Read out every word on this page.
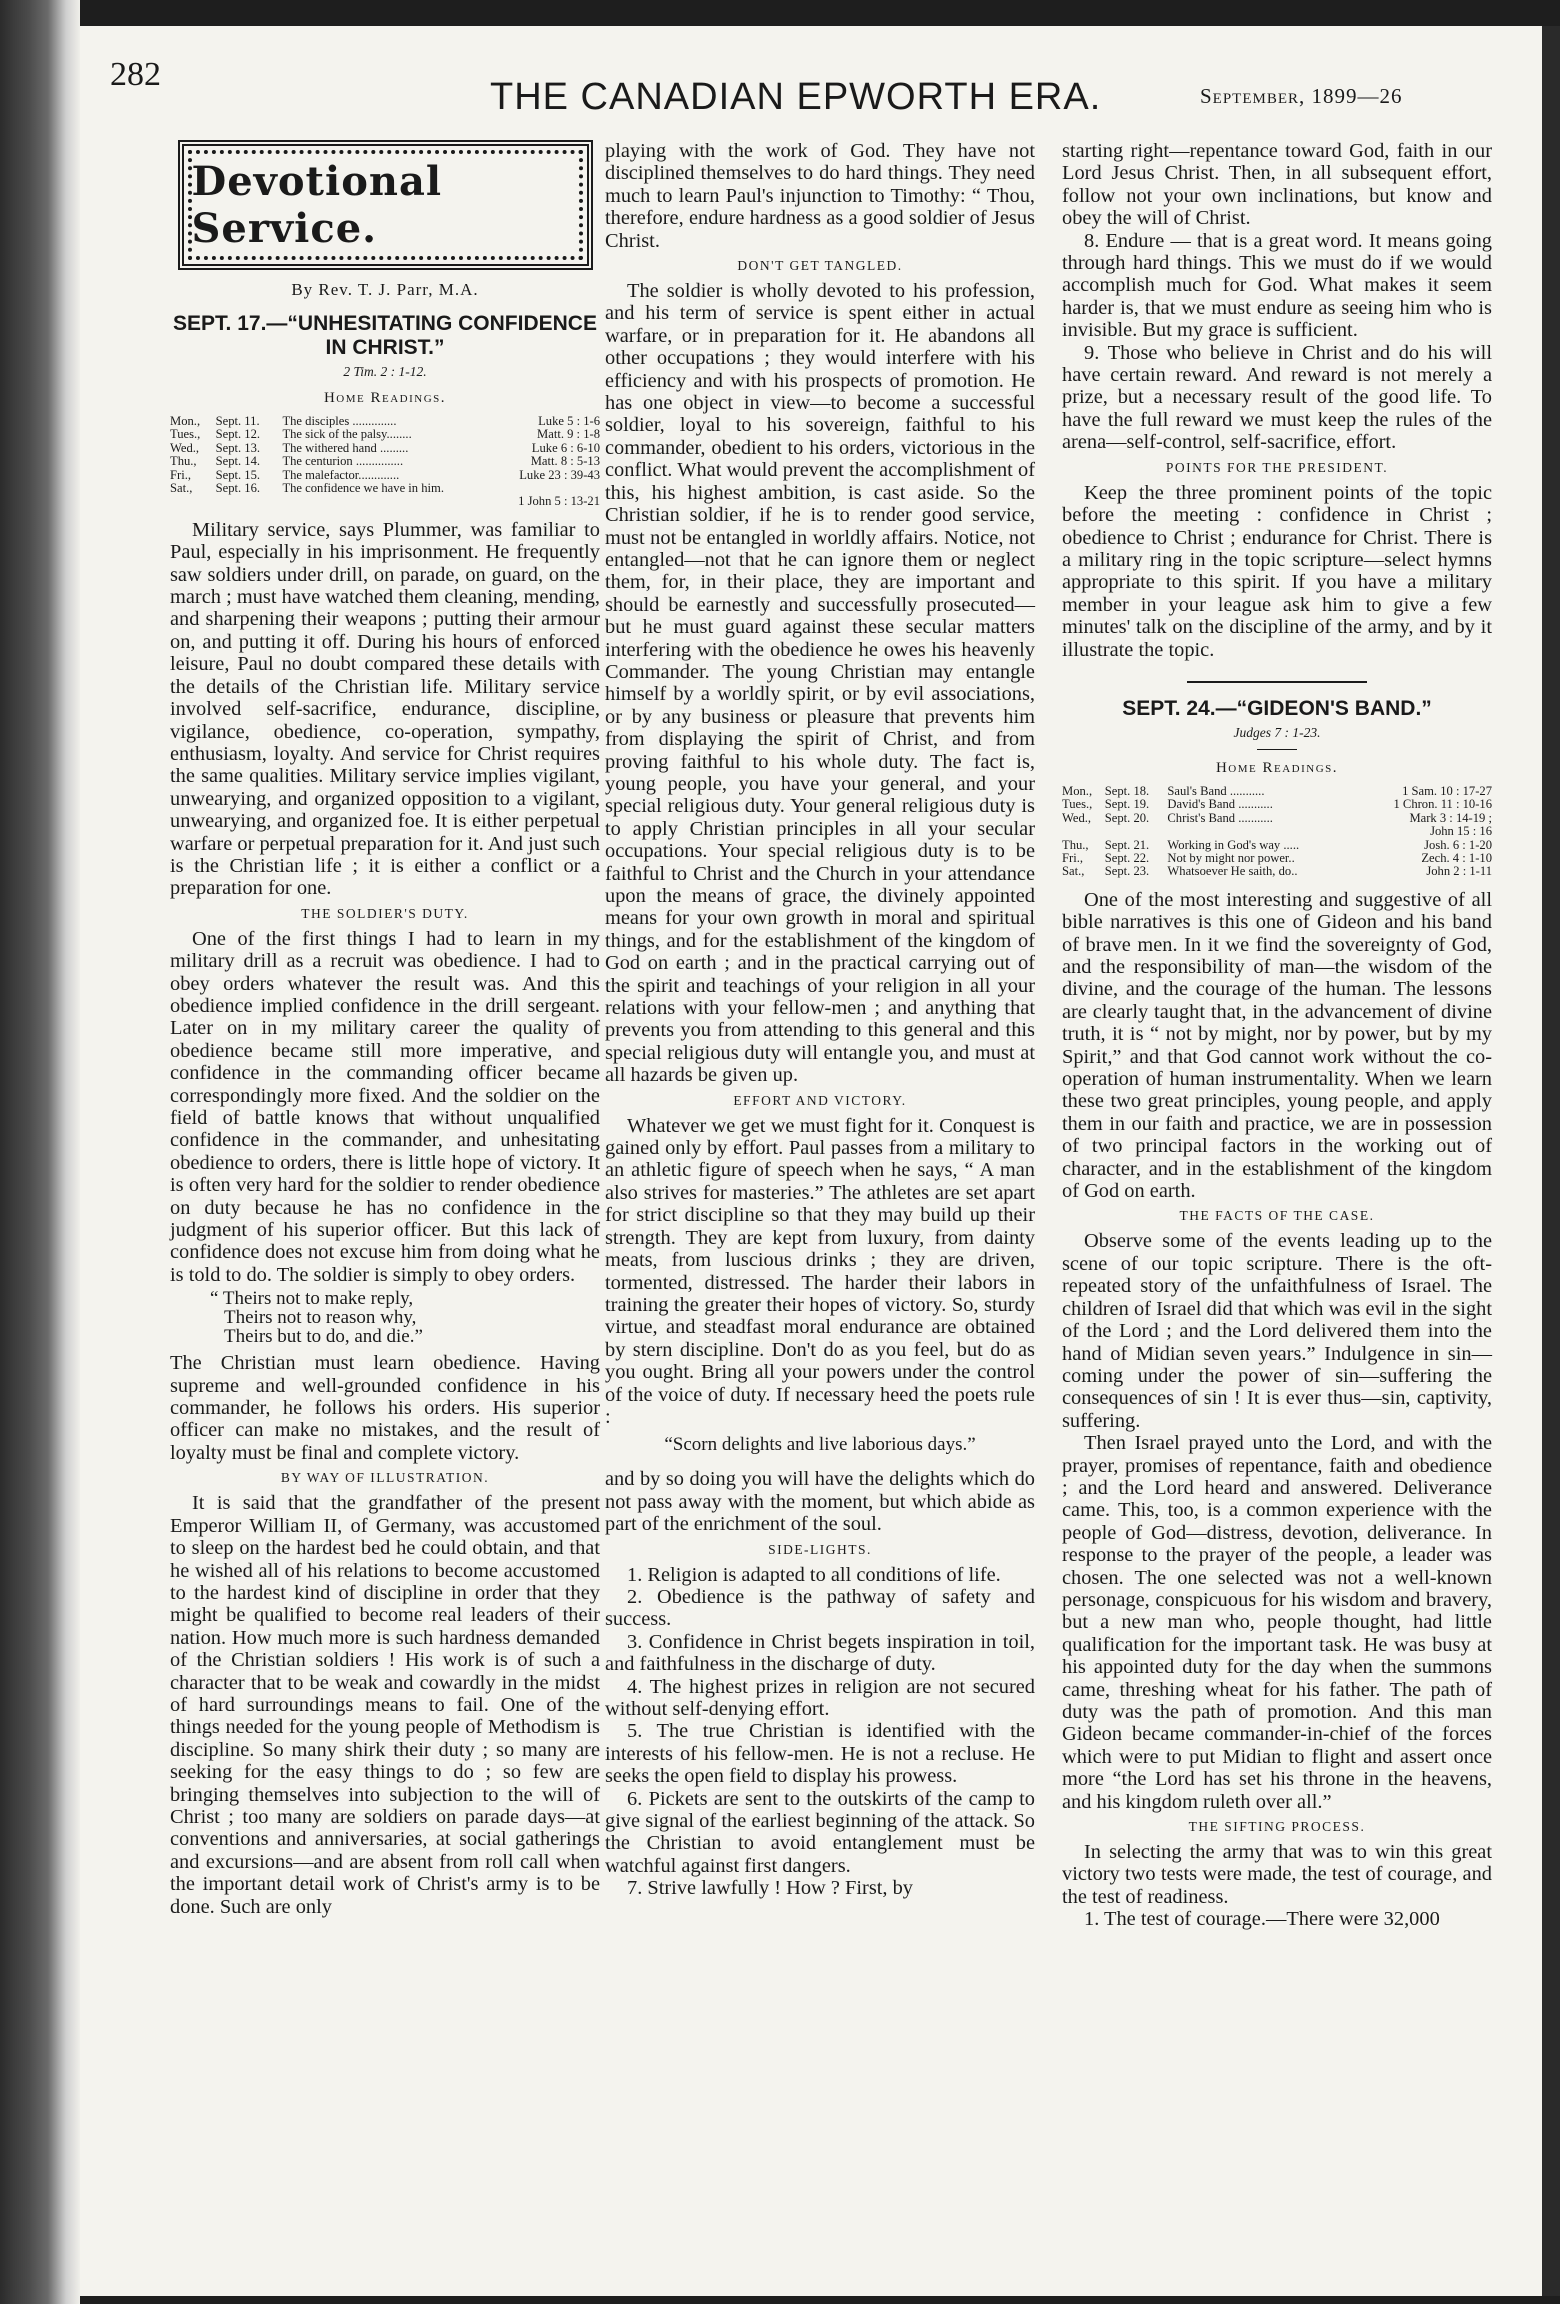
282
THE CANADIAN EPWORTH ERA.	September, 1899—26
Devotional Service.
By Rev. T. J. Parr, M.A.
SEPT. 17.—“UNHESITATING CONFIDENCE IN CHRIST.”
2 Tim. 2 : 1-12.
Home Readings.
Mon.,	Sept. 11.	The disciples ..............	Luke 5 : 1-6
Tues.,	Sept. 12.	The sick of the palsy........	Matt. 9 : 1-8
Wed.,	Sept. 13.	The withered hand .........	Luke 6 : 6-10
Thu.,	Sept. 14.	The centurion ...............	Matt. 8 : 5-13
Fri.,	Sept. 15.	The malefactor.............	Luke 23 : 39-43
Sat.,	Sept. 16.	The confidence we have in him.	
			1 John 5 : 13-21

Military service, says Plummer, was familiar to Paul, especially in his imprisonment. He frequently saw soldiers under drill, on parade, on guard, on the march ; must have watched them cleaning, mending, and sharpening their weapons ; putting their armour on, and putting it off. During his hours of enforced leisure, Paul no doubt compared these details with the details of the Christian life. Military service involved self-sacrifice, endurance, discipline, vigilance, obedience, co-operation, sympathy, enthusiasm, loyalty. And service for Christ requires the same qualities. Military service implies vigilant, unwearying, and organized opposition to a vigilant, unwearying, and organized foe. It is either perpetual warfare or perpetual preparation for it. And just such is the Christian life ; it is either a conflict or a preparation for one.

THE SOLDIER'S DUTY.

One of the first things I had to learn in my military drill as a recruit was obedience. I had to obey orders whatever the result was. And this obedience implied confidence in the drill sergeant. Later on in my military career the quality of obedience became still more imperative, and confidence in the commanding officer became correspondingly more fixed. And the soldier on the field of battle knows that without unqualified confidence in the commander, and unhesitating obedience to orders, there is little hope of victory. It is often very hard for the soldier to render obedience on duty because he has no confidence in the judgment of his superior officer. But this lack of confidence does not excuse him from doing what he is told to do. The soldier is simply to obey orders.

“ Theirs not to make reply,
Theirs not to reason why,
Theirs but to do, and die.”

The Christian must learn obedience. Having supreme and well-grounded confidence in his commander, he follows his orders. His superior officer can make no mistakes, and the result of loyalty must be final and complete victory.

BY WAY OF ILLUSTRATION.

It is said that the grandfather of the present Emperor William II, of Germany, was accustomed to sleep on the hardest bed he could obtain, and that he wished all of his relations to become accustomed to the hardest kind of discipline in order that they might be qualified to become real leaders of their nation. How much more is such hardness demanded of the Christian soldiers ! His work is of such a character that to be weak and cowardly in the midst of hard surroundings means to fail. One of the things needed for the young people of Methodism is discipline. So many shirk their duty ; so many are seeking for the easy things to do ; so few are bringing themselves into subjection to the will of Christ ; too many are soldiers on parade days—at conventions and anniversaries, at social gatherings and excursions—and are absent from roll call when the important detail work of Christ's army is to be done. Such are only

playing with the work of God. They have not disciplined themselves to do hard things. They need much to learn Paul's injunction to Timothy: “ Thou, therefore, endure hardness as a good soldier of Jesus Christ.

DON'T GET TANGLED.

The soldier is wholly devoted to his profession, and his term of service is spent either in actual warfare, or in preparation for it. He abandons all other occupations ; they would interfere with his efficiency and with his prospects of promotion. He has one object in view—to become a successful soldier, loyal to his sovereign, faithful to his commander, obedient to his orders, victorious in the conflict. What would prevent the accomplishment of this, his highest ambition, is cast aside. So the Christian soldier, if he is to render good service, must not be entangled in worldly affairs. Notice, not entangled—not that he can ignore them or neglect them, for, in their place, they are important and should be earnestly and successfully prosecuted—but he must guard against these secular matters interfering with the obedience he owes his heavenly Commander. The young Christian may entangle himself by a worldly spirit, or by evil associations, or by any business or pleasure that prevents him from displaying the spirit of Christ, and from proving faithful to his whole duty. The fact is, young people, you have your general, and your special religious duty. Your general religious duty is to apply Christian principles in all your secular occupations. Your special religious duty is to be faithful to Christ and the Church in your attendance upon the means of grace, the divinely appointed means for your own growth in moral and spiritual things, and for the establishment of the kingdom of God on earth ; and in the practical carrying out of the spirit and teachings of your religion in all your relations with your fellow-men ; and anything that prevents you from attending to this general and this special religious duty will entangle you, and must at all hazards be given up.

EFFORT AND VICTORY.

Whatever we get we must fight for it. Conquest is gained only by effort. Paul passes from a military to an athletic figure of speech when he says, “ A man also strives for masteries.” The athletes are set apart for strict discipline so that they may build up their strength. They are kept from luxury, from dainty meats, from luscious drinks ; they are driven, tormented, distressed. The harder their labors in training the greater their hopes of victory. So, sturdy virtue, and steadfast moral endurance are obtained by stern discipline. Don't do as you feel, but do as you ought. Bring all your powers under the control of the voice of duty. If necessary heed the poets rule :

“Scorn delights and live laborious days.”

and by so doing you will have the delights which do not pass away with the moment, but which abide as part of the enrichment of the soul.

SIDE-LIGHTS.

1. Religion is adapted to all conditions of life.

2. Obedience is the pathway of safety and success.

3. Confidence in Christ begets inspiration in toil, and faithfulness in the discharge of duty.

4. The highest prizes in religion are not secured without self-denying effort.

5. The true Christian is identified with the interests of his fellow-men. He is not a recluse. He seeks the open field to display his prowess.

6. Pickets are sent to the outskirts of the camp to give signal of the earliest beginning of the attack. So the Christian to avoid entanglement must be watchful against first dangers.

7. Strive lawfully ! How ? First, by

starting right—repentance toward God, faith in our Lord Jesus Christ. Then, in all subsequent effort, follow not your own inclinations, but know and obey the will of Christ.

8. Endure — that is a great word. It means going through hard things. This we must do if we would accomplish much for God. What makes it seem harder is, that we must endure as seeing him who is invisible. But my grace is sufficient.

9. Those who believe in Christ and do his will have certain reward. And reward is not merely a prize, but a necessary result of the good life. To have the full reward we must keep the rules of the arena—self-control, self-sacrifice, effort.

POINTS FOR THE PRESIDENT.

Keep the three prominent points of the topic before the meeting : confidence in Christ ; obedience to Christ ; endurance for Christ. There is a military ring in the topic scripture—select hymns appropriate to this spirit. If you have a military member in your league ask him to give a few minutes' talk on the discipline of the army, and by it illustrate the topic.

SEPT. 24.—“GIDEON'S BAND.”
Judges 7 : 1-23.
Home Readings.
Mon.,	Sept. 18.	Saul's Band ...........	1 Sam. 10 : 17-27
Tues.,	Sept. 19.	David's Band ...........	1 Chron. 11 : 10-16
Wed.,	Sept. 20.	Christ's Band ...........	Mark 3 : 14-19 ;
			John 15 : 16
Thu.,	Sept. 21.	Working in God's way .....	Josh. 6 : 1-20
Fri.,	Sept. 22.	Not by might nor power..	Zech. 4 : 1-10
Sat.,	Sept. 23.	Whatsoever He saith, do..	John 2 : 1-11

One of the most interesting and suggestive of all bible narratives is this one of Gideon and his band of brave men. In it we find the sovereignty of God, and the responsibility of man—the wisdom of the divine, and the courage of the human. The lessons are clearly taught that, in the advancement of divine truth, it is “ not by might, nor by power, but by my Spirit,” and that God cannot work without the co-operation of human instrumentality. When we learn these two great principles, young people, and apply them in our faith and practice, we are in possession of two principal factors in the working out of character, and in the establishment of the kingdom of God on earth.

THE FACTS OF THE CASE.

Observe some of the events leading up to the scene of our topic scripture. There is the oft-repeated story of the unfaithfulness of Israel. The children of Israel did that which was evil in the sight of the Lord ; and the Lord delivered them into the hand of Midian seven years.” Indulgence in sin—coming under the power of sin—suffering the consequences of sin ! It is ever thus—sin, captivity, suffering.

Then Israel prayed unto the Lord, and with the prayer, promises of repentance, faith and obedience ; and the Lord heard and answered. Deliverance came. This, too, is a common experience with the people of God—distress, devotion, deliverance. In response to the prayer of the people, a leader was chosen. The one selected was not a well-known personage, conspicuous for his wisdom and bravery, but a new man who, people thought, had little qualification for the important task. He was busy at his appointed duty for the day when the summons came, threshing wheat for his father. The path of duty was the path of promotion. And this man Gideon became commander-in-chief of the forces which were to put Midian to flight and assert once more “the Lord has set his throne in the heavens, and his kingdom ruleth over all.”

THE SIFTING PROCESS.

In selecting the army that was to win this great victory two tests were made, the test of courage, and the test of readiness.

1. The test of courage.—There were 32,000
